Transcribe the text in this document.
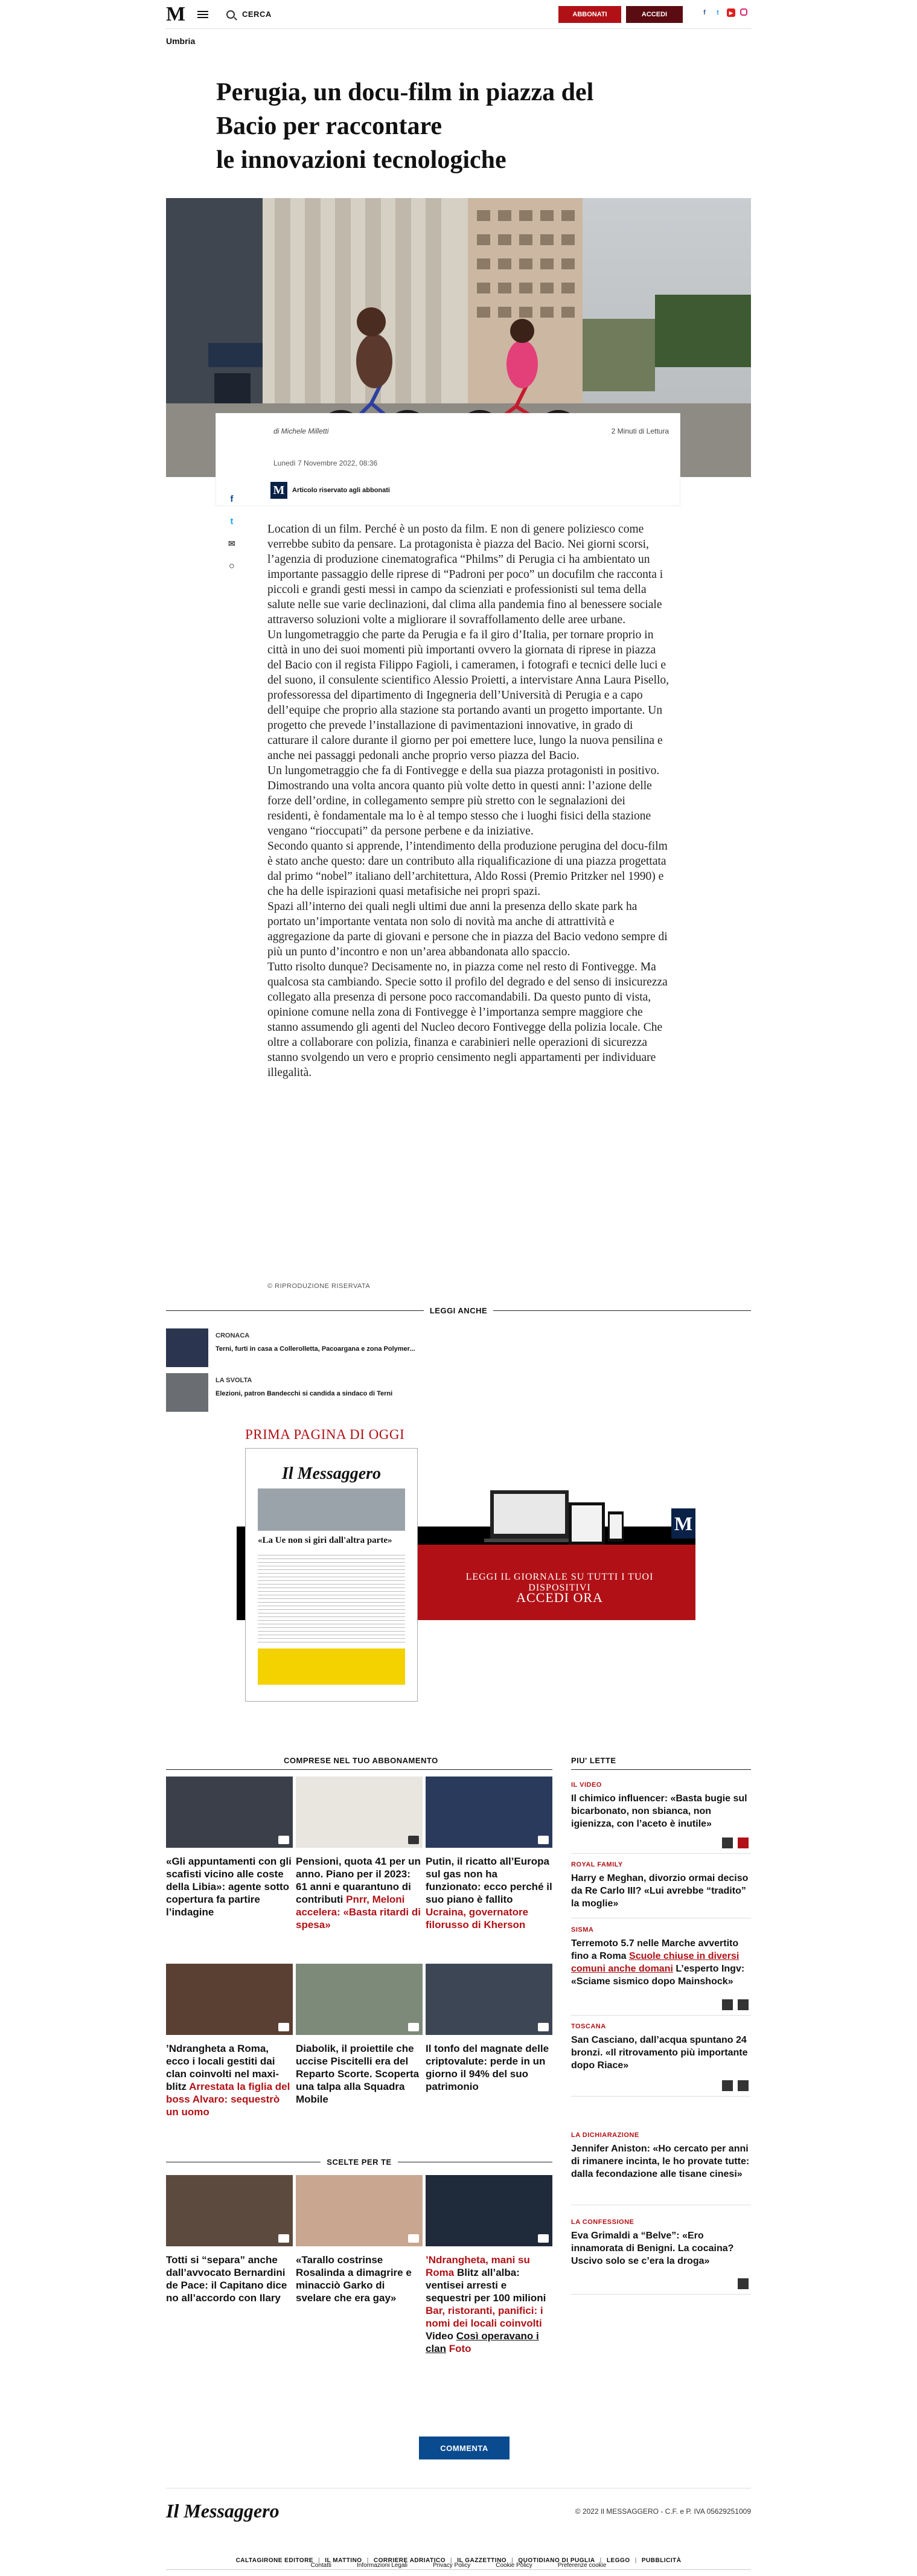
M	CERCA	ABBONATI	ACCEDI	f	t	▶
Umbria
Perugia, un docu-film in piazza del
Bacio per raccontare
le innovazioni tecnologiche
di Michele Milletti	2 Minuti di Lettura
Lunedì 7 Novembre 2022, 08:36
M	Articolo riservato agli abbonati
f
t
✉
○

Location di un film. Perché è un posto da film. E non di genere poliziesco come verrebbe subito da pensare. La protagonista è piazza del Bacio. Nei giorni scorsi, l’agenzia di produzione cinematografica “Philms” di Perugia ci ha ambientato un importante passaggio delle riprese di “Padroni per poco” un docufilm che racconta i piccoli e grandi gesti messi in campo da scienziati e professionisti sul tema della salute nelle sue varie declinazioni, dal clima alla pandemia fino al benessere sociale attraverso soluzioni volte a migliorare il sovraffollamento delle aree urbane.

Un lungometraggio che parte da Perugia e fa il giro d’Italia, per tornare proprio in città in uno dei suoi momenti più importanti ovvero la giornata di riprese in piazza del Bacio con il regista Filippo Fagioli, i cameramen, i fotografi e tecnici delle luci e del suono, il consulente scientifico Alessio Proietti, a intervistare Anna Laura Pisello, professoressa del dipartimento di Ingegneria dell’Università di Perugia e a capo dell’equipe che proprio alla stazione sta portando avanti un progetto importante. Un progetto che prevede l’installazione di pavimentazioni innovative, in grado di catturare il calore durante il giorno per poi emettere luce, lungo la nuova pensilina e anche nei passaggi pedonali anche proprio verso piazza del Bacio.

Un lungometraggio che fa di Fontivegge e della sua piazza protagonisti in positivo. Dimostrando una volta ancora quanto più volte detto in questi anni: l’azione delle forze dell’ordine, in collegamento sempre più stretto con le segnalazioni dei residenti, è fondamentale ma lo è al tempo stesso che i luoghi fisici della stazione vengano “rioccupati” da persone perbene e da iniziative.

Secondo quanto si apprende, l’intendimento della produzione perugina del docu-film è stato anche questo: dare un contributo alla riqualificazione di una piazza progettata dal primo “nobel” italiano dell’architettura, Aldo Rossi (Premio Pritzker nel 1990) e che ha delle ispirazioni quasi metafisiche nei propri spazi.

Spazi all’interno dei quali negli ultimi due anni la presenza dello skate park ha portato un’importante ventata non solo di novità ma anche di attrattività e aggregazione da parte di giovani e persone che in piazza del Bacio vedono sempre di più un punto d’incontro e non un’area abbandonata allo spaccio.

Tutto risolto dunque? Decisamente no, in piazza come nel resto di Fontivegge. Ma qualcosa sta cambiando. Specie sotto il profilo del degrado e del senso di insicurezza collegato alla presenza di persone poco raccomandabili. Da questo punto di vista, opinione comune nella zona di Fontivegge è l’importanza sempre maggiore che stanno assumendo gli agenti del Nucleo decoro Fontivegge della polizia locale. Che oltre a collaborare con polizia, finanza e carabinieri nelle operazioni di sicurezza stanno svolgendo un vero e proprio censimento negli appartamenti per individuare illegalità.

© RIPRODUZIONE RISERVATA
$^{LEGGI ANCHE}$
CRONACA
Terni, furti in casa a Collerolletta, Pacoargana e zona Polymer...
LA SVOLTA
Elezioni, patron Bandecchi si candida a sindaco di Terni
PRIMA PAGINA DI OGGI
M
LEGGI IL GIORNALE SU TUTTI I TUOI DISPOSITIVI
ACCEDI ORA
Il Messaggero
«La Ue non si giri dall'altra parte»
COMPRESE NEL TUO ABBONAMENTO	PIU' LETTE
«Gli appuntamenti con gli scafisti vicino alle coste della Libia»: agente sotto copertura fa partire l’indagine
Pensioni, quota 41 per un anno. Piano per il 2023: 61 anni e quarantuno di contributi Pnrr, Meloni accelera: «Basta ritardi di spesa»
Putin, il ricatto all’Europa sul gas non ha funzionato: ecco perché il suo piano è fallito Ucraina, governatore filorusso di Kherson
’Ndrangheta a Roma, ecco i locali gestiti dai clan coinvolti nel maxi-blitz Arrestata la figlia del boss Alvaro: sequestrò un uomo
Diabolik, il proiettile che uccise Piscitelli era del Reparto Scorte. Scoperta una talpa alla Squadra Mobile
Il tonfo del magnate delle criptovalute: perde in un giorno il 94% del suo patrimonio
IL VIDEO
Il chimico influencer: «Basta bugie sul bicarbonato, non sbianca, non igienizza, con l’aceto è inutile»
ROYAL FAMILY
Harry e Meghan, divorzio ormai deciso da Re Carlo III? «Lui avrebbe “tradito” la moglie»
SISMA
Terremoto 5.7 nelle Marche avvertito fino a Roma Scuole chiuse in diversi comuni anche domani L’esperto Ingv: «Sciame sismico dopo Mainshock»
TOSCANA
San Casciano, dall’acqua spuntano 24 bronzi. «Il ritrovamento più importante dopo Riace»
LA DICHIARAZIONE
Jennifer Aniston: «Ho cercato per anni di rimanere incinta, le ho provate tutte: dalla fecondazione alle tisane cinesi»
LA CONFESSIONE
Eva Grimaldi a “Belve”: «Ero innamorata di Benigni. La cocaina? Uscivo solo se c’era la droga»
$^{SCELTE PER TE}$
Totti si “separa” anche dall’avvocato Bernardini de Pace: il Capitano dice no all’accordo con Ilary
«Tarallo costrinse Rosalinda a dimagrire e minacciò Garko di svelare che era gay»
’Ndrangheta, mani su Roma Blitz all’alba: ventisei arresti e sequestri per 100 milioni Bar, ristoranti, panifici: i nomi dei locali coinvolti Video Così operavano i clan Foto
COMMENTA
Il Messaggero	© 2022 Il MESSAGGERO - C.F. e P. IVA 05629251009
CALTAGIRONE EDITORE | IL MATTINO | CORRIERE ADRIATICO | IL GAZZETTINO | QUOTIDIANO DI PUGLIA | LEGGO | PUBBLICITÀ
Contatti	Informazioni Legali	Privacy Policy	Cookie Policy	Preferenze cookie
